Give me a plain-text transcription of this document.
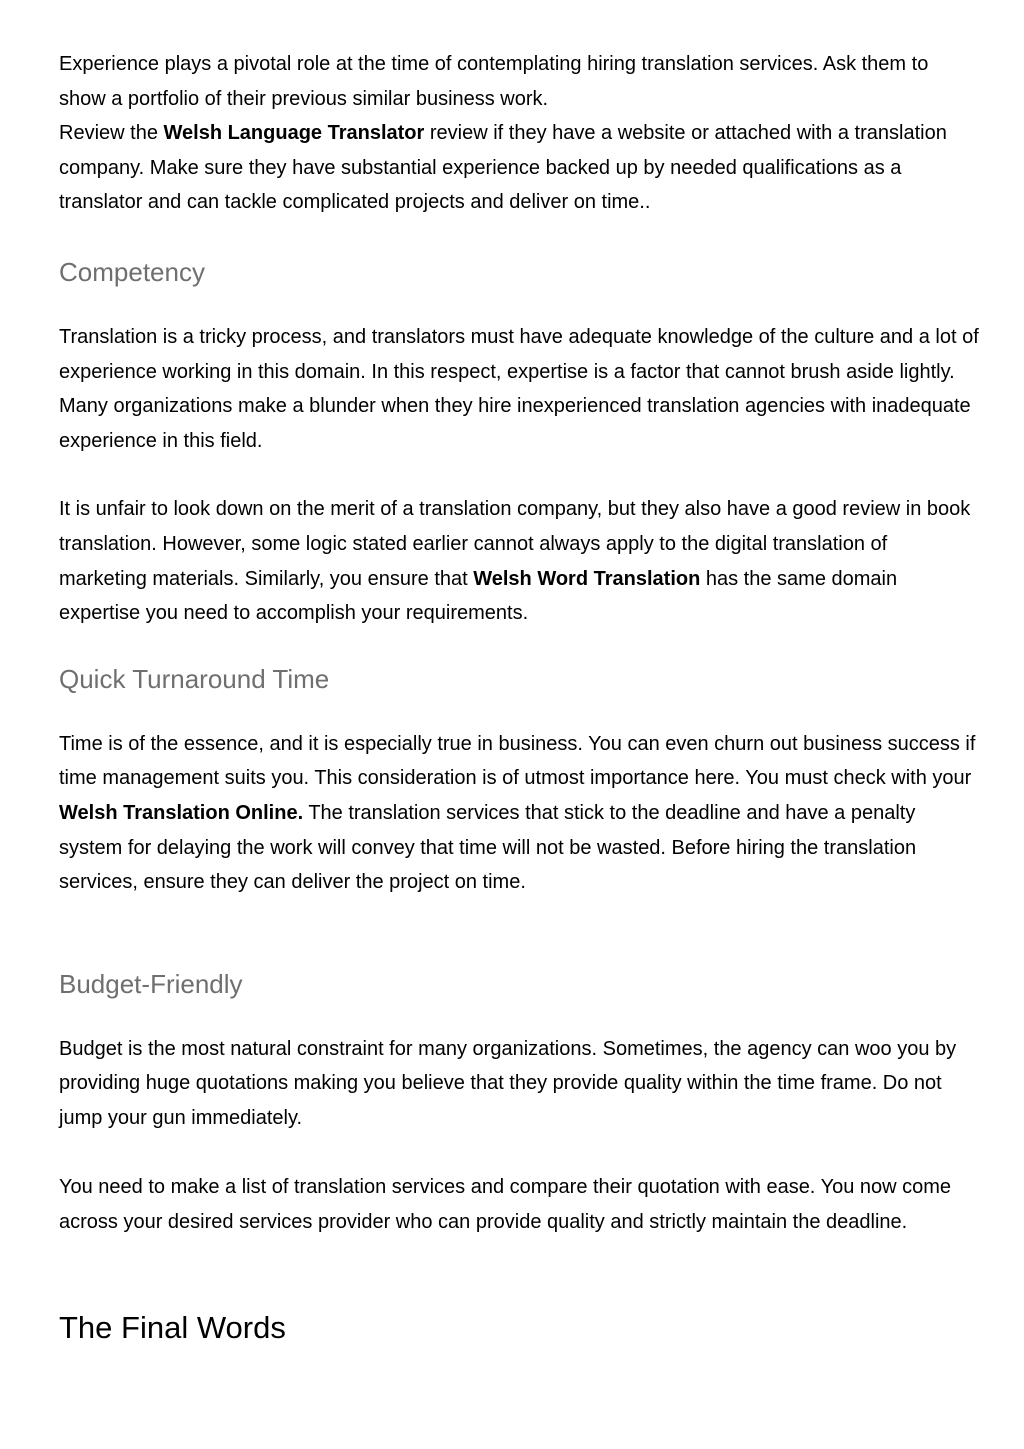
Experience plays a pivotal role at the time of contemplating hiring translation services. Ask them to show a portfolio of their previous similar business work.

Review the Welsh Language Translator review if they have a website or attached with a translation company. Make sure they have substantial experience backed up by needed qualifications as a translator and can tackle complicated projects and deliver on time..

Competency

Translation is a tricky process, and translators must have adequate knowledge of the culture and a lot of experience working in this domain. In this respect, expertise is a factor that cannot brush aside lightly. Many organizations make a blunder when they hire inexperienced translation agencies with inadequate experience in this field.

It is unfair to look down on the merit of a translation company, but they also have a good review in book translation. However, some logic stated earlier cannot always apply to the digital translation of marketing materials. Similarly, you ensure that Welsh Word Translation has the same domain expertise you need to accomplish your requirements.

Quick Turnaround Time

Time is of the essence, and it is especially true in business. You can even churn out business success if time management suits you. This consideration is of utmost importance here. You must check with your Welsh Translation Online. The translation services that stick to the deadline and have a penalty system for delaying the work will convey that time will not be wasted. Before hiring the translation services, ensure they can deliver the project on time.

Budget-Friendly

Budget is the most natural constraint for many organizations. Sometimes, the agency can woo you by providing huge quotations making you believe that they provide quality within the time frame. Do not jump your gun immediately.

You need to make a list of translation services and compare their quotation with ease. You now come across your desired services provider who can provide quality and strictly maintain the deadline.

The Final Words
